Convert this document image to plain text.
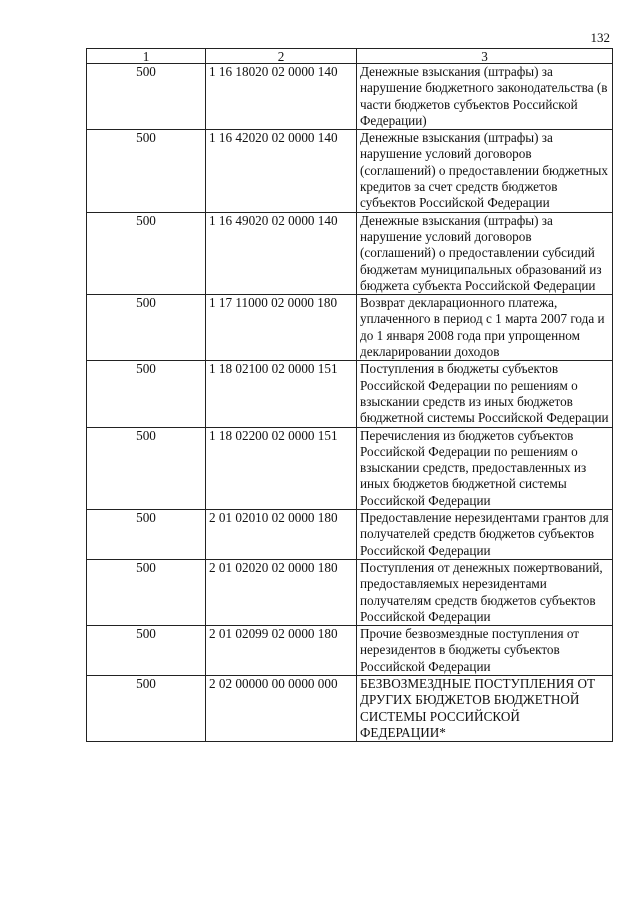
132
1	2	3
500	1 16 18020 02 0000 140	Денежные взыскания (штрафы) за нарушение бюджетного законодательства (в части бюджетов субъектов Российской Федерации)
500	1 16 42020 02 0000 140	Денежные взыскания (штрафы) за нарушение условий договоров (соглашений) о предоставлении бюджетных кредитов за счет средств бюджетов субъектов Российской Федерации
500	1 16 49020 02 0000 140	Денежные взыскания (штрафы) за нарушение условий договоров (соглашений) о предоставлении субсидий бюджетам муниципальных образований из бюджета субъекта Российской Федерации
500	1 17 11000 02 0000 180	Возврат декларационного платежа, уплаченного в период с 1 марта 2007 года и до 1 января 2008 года при упрощенном декларировании доходов
500	1 18 02100 02 0000 151	Поступления в бюджеты субъектов Российской Федерации по решениям о взыскании средств из иных бюджетов бюджетной системы Российской Федерации
500	1 18 02200 02 0000 151	Перечисления из бюджетов субъектов Российской Федерации по решениям о взыскании средств, предоставленных из иных бюджетов бюджетной системы Российской Федерации
500	2 01 02010 02 0000 180	Предоставление нерезидентами грантов для получателей средств бюджетов субъектов Российской Федерации
500	2 01 02020 02 0000 180	Поступления от денежных пожертвований, предоставляемых нерезидентами получателям средств бюджетов субъектов Российской Федерации
500	2 01 02099 02 0000 180	Прочие безвозмездные поступления от нерезидентов в бюджеты субъектов Российской Федерации
500	2 02 00000 00 0000 000	БЕЗВОЗМЕЗДНЫЕ ПОСТУПЛЕНИЯ ОТ ДРУГИХ БЮДЖЕТОВ БЮДЖЕТНОЙ СИСТЕМЫ РОССИЙСКОЙ ФЕДЕРАЦИИ*
